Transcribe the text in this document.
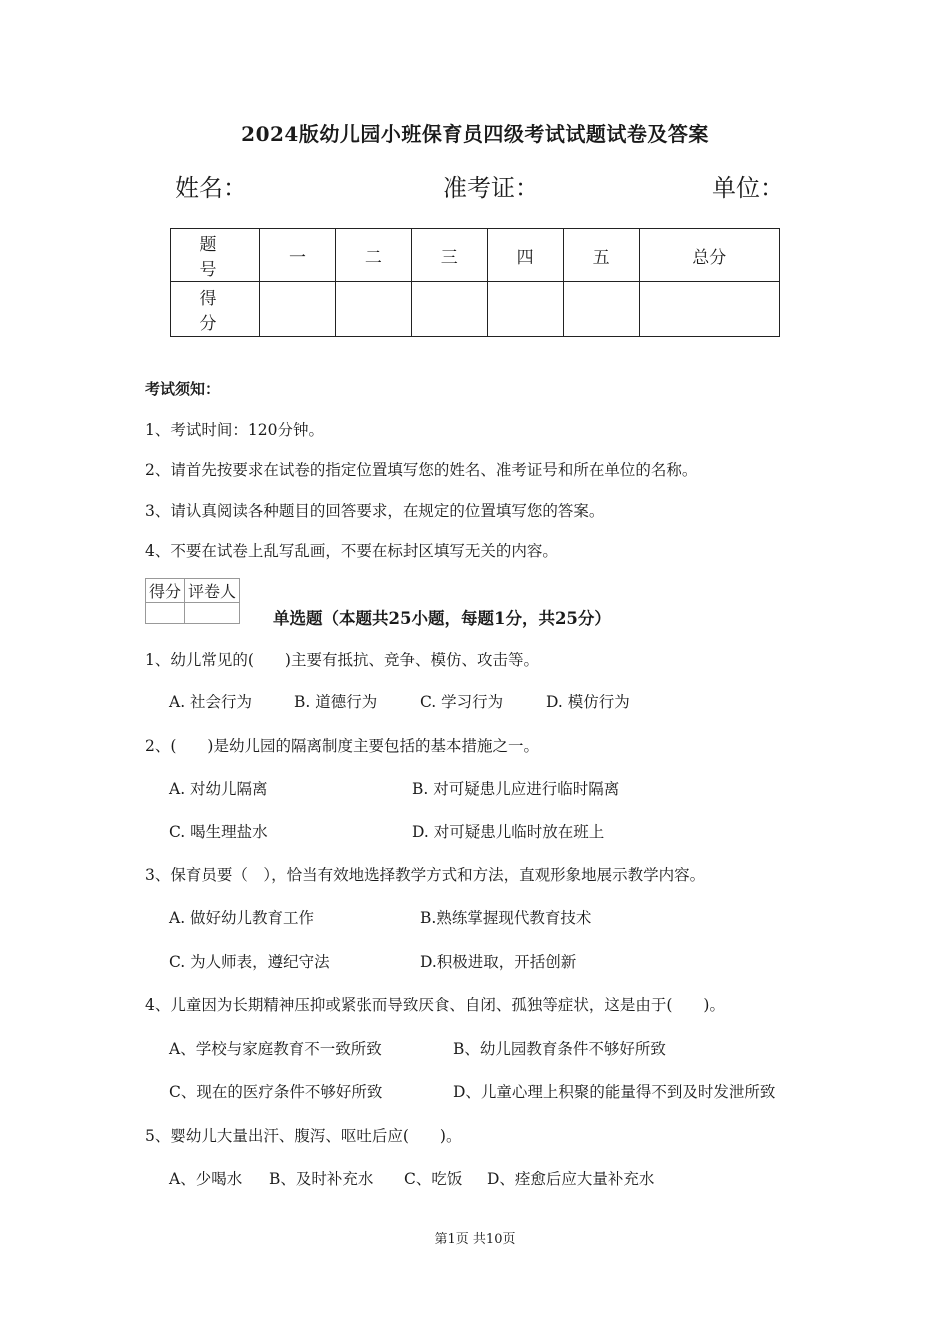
2024版幼儿园小班保育员四级考试试题试卷及答案
姓名：	准考证：	单位：
题　号	一	二	三	四	五	总分
得　分						
考试须知：
1、考试时间：120分钟。
2、请首先按要求在试卷的指定位置填写您的姓名、准考证号和所在单位的名称。
3、请认真阅读各种题目的回答要求，在规定的位置填写您的答案。
4、不要在试卷上乱写乱画，不要在标封区填写无关的内容。
得分	评卷人

单选题（本题共25小题，每题1分，共25分）
1、幼儿常见的(　　)主要有抵抗、竞争、模仿、攻击等。
A. 社会行为	B. 道德行为	C. 学习行为	D. 模仿行为
2、(　　)是幼儿园的隔离制度主要包括的基本措施之一。
A. 对幼儿隔离	B. 对可疑患儿应进行临时隔离
C. 喝生理盐水	D. 对可疑患儿临时放在班上
3、保育员要（　），恰当有效地选择教学方式和方法，直观形象地展示教学内容。
A. 做好幼儿教育工作	B.熟练掌握现代教育技术
C. 为人师表，遵纪守法	D.积极进取，开括创新
4、儿童因为长期精神压抑或紧张而导致厌食、自闭、孤独等症状，这是由于(　　)。
A、学校与家庭教育不一致所致	B、幼儿园教育条件不够好所致
C、现在的医疗条件不够好所致	D、儿童心理上积聚的能量得不到及时发泄所致
5、婴幼儿大量出汗、腹泻、呕吐后应(　　)。
A、少喝水 B、及时补充水 C、吃饭 D、痊愈后应大量补充水
第1页 共10页
